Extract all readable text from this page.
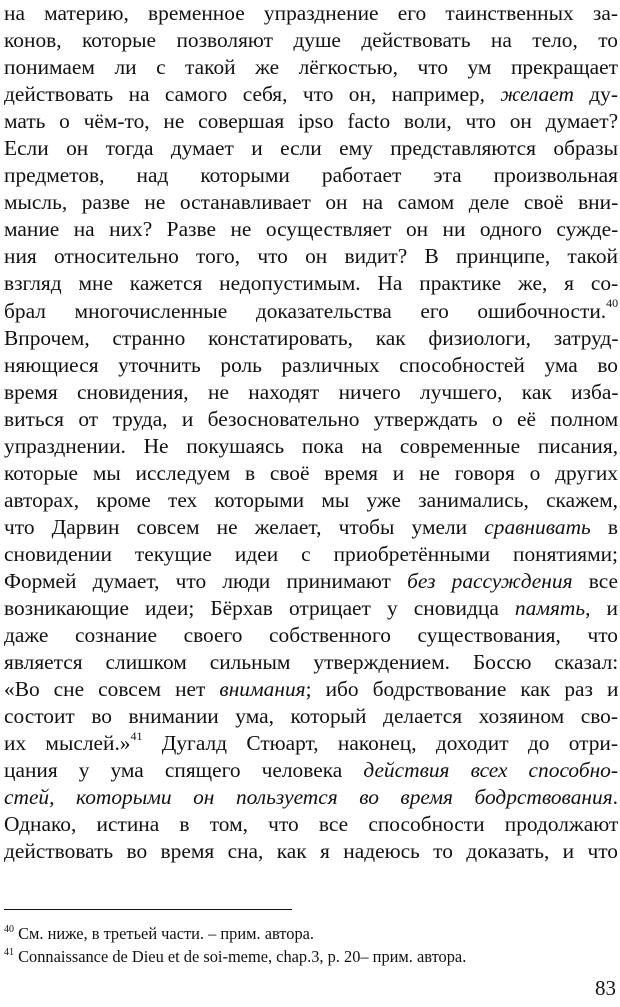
на материю, временное упразднение его таинственных за-
конов, которые позволяют душе действовать на тело, то
понимаем ли с такой же лёгкостью, что ум прекращает
действовать на самого себя, что он, например, желает ду-
мать о чём-то, не совершая ipso facto воли, что он думает?
Если он тогда думает и если ему представляются образы
предметов, над которыми работает эта произвольная
мысль, разве не останавливает он на самом деле своё вни-
мание на них? Разве не осуществляет он ни одного сужде-
ния относительно того, что он видит? В принципе, такой
взгляд мне кажется недопустимым. На практике же, я со-
брал многочисленные доказательства его ошибочности.$^{40}$
Впрочем, странно констатировать, как физиологи, затруд-
няющиеся уточнить роль различных способностей ума во
время сновидения, не находят ничего лучшего, как изба-
виться от труда, и безосновательно утверждать о её полном
упразднении. Не покушаясь пока на современные писания,
которые мы исследуем в своё время и не говоря о других
авторах, кроме тех которыми мы уже занимались, скажем,
что Дарвин совсем не желает, чтобы умели сравнивать в
сновидении текущие идеи с приобретёнными понятиями;
Формей думает, что люди принимают без рассуждения все
возникающие идеи; Бёрхав отрицает у сновидца память, и
даже сознание своего собственного существования, что
является слишком сильным утверждением. Боссю сказал:
«Во сне совсем нет внимания; ибо бодрствование как раз и
состоит во внимании ума, который делается хозяином сво-
их мыслей.»$^{41}$ Дугалд Стюарт, наконец, доходит до отри-
цания у ума спящего человека действия всех способно-
стей, которыми он пользуется во время бодрствования.
Однако, истина в том, что все способности продолжают
действовать во время сна, как я надеюсь то доказать, и что
$^{40}$ См. ниже, в третьей части. – прим. автора.
$^{41}$ Connaissance de Dieu et de soi-meme, chap.3, p. 20– прим. автора.
83
